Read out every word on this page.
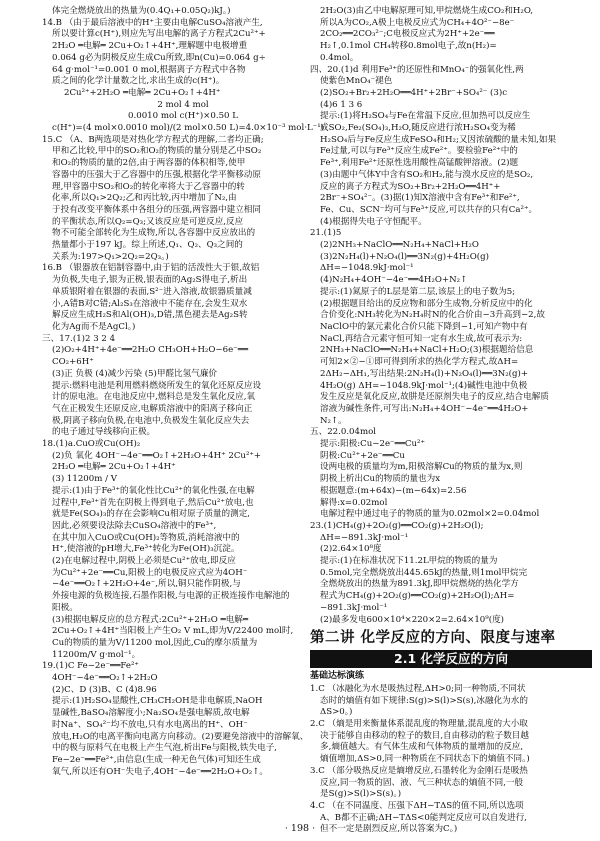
体完全燃烧放出的热量为(0.4Q₁+0.05Q₂)kJ。)

14.B （由于最后溶液中的H⁺主要由电解CuSO₄溶液产生,

所以要计算c(H⁺),则应先写出电解的离子方程式2Cu²⁺+

2H₂O ═电解═ 2Cu+O₂↑+4H⁺,理解题中电极增重

0.064 g必为阴极反应生成Cu所致,即n(Cu)=0.064 g÷

64 g·mol⁻¹=0.001 0 mol,根据离子方程式中各物

质之间的化学计量数之比,求出生成的c(H⁺)。

2Cu²⁺+2H₂O ═电解═ 2Cu+O₂↑+4H⁺

2 mol 4 mol

0.0010 mol c(H⁺)×0.50 L

c(H⁺)=(4 mol×0.0010 mol)/(2 mol×0.50 L)=4.0×10⁻³ mol·L⁻¹)

15.C （A、B两选项是对热化学方程式的理解,二者均正确;

甲和乙比较,甲中的SO₂和O₂的物质的量分别是乙中SO₂

和O₂的物质的量的2倍,由于两容器的体积相等,使甲

容器中的压强大于乙容器中的压强,根据化学平衡移动原

理,甲容器中SO₂和O₂的转化率将大于乙容器中的转

化率,所以Q₁>2Q₂;乙和丙比较,丙中增加了N₂,由

于投有改变平衡体系中各组分的压强,两容器中建立相同

的平衡状态,所以Q₂=Q₃;又该反应是可逆反应,反应

物不可能全部转化为生成物,所以,各容器中反应放出的

热量都小于197 kJ。综上所述,Q₁、Q₂、Q₃之间的

关系为:197>Q₁>2Q₂=2Q₃。)

16.B （银器放在铝制容器中,由于铝的活泼性大于银,故铝

为负极,失电子,银为正极,银表面的Ag₂S得电子,析出

单质银附着在银器的表面,S²⁻进入溶液,故银器质量减

小,A错B对C错;Al₂S₃在溶液中不能存在,会发生双水

解反应生成H₂S和Al(OH)₃,D错,黑色褪去是Ag₂S转

化为Ag而不是AgCl。)

三、17.(1)2 3 2 4

(2)O₂+4H⁺+4e⁻══2H₂O CH₃OH+H₂O−6e⁻══

CO₂+6H⁺

(3)正 负极 (4)减少污染 (5)甲醛比氢气廉价

提示:燃料电池是利用燃料燃烧所发生的氧化还原反应设

计的原电池。在电池反应中,燃料总是发生氧化反应,氧

气在正极发生还原反应,电解质溶液中的阳离子移向正

极,阴离子移向负极,在电池中,负极发生氧化反应失去

的电子通过导线移向正极。

18.(1)a.CuO或Cu(OH)₂

(2)负 氧化 4OH⁻−4e⁻══O₂↑+2H₂O+4H⁺ 2Cu²⁺+

2H₂O ═电解═ 2Cu+O₂↑+4H⁺

(3) 11200m / V

提示:(1)由于Fe³⁺的氧化性比Cu²⁺的氧化性强,在电解

过程中,Fe³⁺首先在阴极上得到电子,然后Cu²⁺放电,也

就是Fe(SO₄)₃的存在会影响Cu相对原子质量的测定,

因此,必须要设法除去CuSO₄溶液中的Fe³⁺,

在其中加入CuO或Cu(OH)₂等物质,消耗溶液中的

H⁺,使溶液的pH增大,Fe³⁺转化为Fe(OH)₃沉淀。

(2)在电解过程中,阴极上必须是Cu²⁺放电,即反应

为Cu²⁺+2e⁻══Cu,阳极上的电极反应式应为4OH⁻

−4e⁻══O₂↑+2H₂O+4e⁻,所以,铜只能作阴极,与

外接电源的负极连接,石墨作阳极,与电源的正极连接作电解池的

阳极。

(3)根据电解反应的总方程式:2Cu²⁺+2H₂O ═电解═

2Cu+O₂↑+4H⁺当阳极上产生O₂ V mL,即为V/22400 mol时,

Cu的物质的量为V/11200 mol,因此,Cu的摩尔质量为

11200m/V g·mol⁻¹。

19.(1)C Fe−2e⁻══Fe²⁺

4OH⁻−4e⁻══O₂↑+2H₂O

(2)C、D (3)B、C (4)8.96

提示:(1)H₂SO₄显酸性,CH₃CH₂OH是非电解质,NaOH

显碱性,BaSO₄溶解度小;Na₂SO₄是强电解质,故电解

时Na⁺、SO₄²⁻均不放电,只有水电离出的H⁺、OH⁻

放电,H₂O的电离平衡向电离方向移动。(2)要避免溶液中的溶解氧、

中的极与原料气在电极上产生气泡,析出Fe与阳极,铁失电子,

Fe−2e⁻══Fe²⁺,由信息(生成一种无色气体)可知还生成

氧气,所以还有OH⁻失电子,4OH⁻−4e⁻══2H₂O+O₂↑。

2H₂O(3)由乙中电解原理可知,甲烷燃烧生成CO₂和H₂O,

所以A为CO₂,A极上电极反应式为CH₄+4O²⁻−8e⁻

2CO₂══2CO₃²⁻;C电极反应式为2H⁺+2e⁻══

H₂↑,0.1mol CH₄转移0.8mol电子,故n(H₂)=

0.4mol。

四、20.(1)d 利用Fe³⁺的还原性和MnO₄⁻的强氧化性,两

使紫色MnO₄⁻褪色

(2)SO₂+Br₂+2H₂O══4H⁺+2Br⁻+SO₄²⁻ (3)c

(4)6 1 3 6

提示:(1)将H₂SO₄与Fe在常温下反应,但加热可以反应生

成SO₂,Fe₂(SO₄)₃,H₂O,随反应进行浓H₂SO₄变为稀

H₂SO₄后与Fe反应生成FeSO₄和H₂;又因浓硫酸的量未知,如果

Fe过量,可以与Fe³⁺反应生成Fe²⁺。要检验Fe²⁺中的

Fe³⁺,利用Fe²⁺还原性选用酸性高锰酸钾溶液。(2)题

(3)由题中气体Y中含有SO₂和H₂,能与溴水反应的是SO₂,

反应的离子方程式为SO₂+Br₂+2H₂O══4H⁺+

2Br⁻+SO₄²⁻。(3)据(1)知X溶液中含有Fe³⁺和Fe²⁺,

Fe、Cu、SCN⁻均可与Fe³⁺反应,可以共存的只有Ca²⁺。

(4)根据得失电子守恒配平。

21.(1)5

(2)2NH₃+NaClO══N₂H₄+NaCl+H₂O

(3)2N₂H₄(l)+N₂O₄(l)══3N₂(g)+4H₂O(g)

ΔH=−1048.9kJ·mol⁻¹

(4)N₂H₄+4OH⁻−4e⁻══4H₂O+N₂↑

提示:(1)氮原子的L层是第二层,该层上的电子数为5;

(2)根据题目给出的反应物和部分生成物,分析反应中的化

合价变化:NH₃转化为N₂H₄时N的化合价由−3升高到−2,故

NaClO中的氯元素化合价只能下降到−1,可知产物中有

NaCl,再结合元素守恒可知一定有水生成,故可表示为:

2NH₃+NaClO══N₂H₄+NaCl+H₂O;(3)根据题给信息

可知2×②−①即可得到所求的热化学方程式,故ΔH=

2ΔH₂−ΔH₁,写出结果:2N₂H₄(l)+N₂O₄(l)══3N₂(g)+

4H₂O(g) ΔH=−1048.9kJ·mol⁻¹;(4)碱性电池中负极

发生反应是氧化反应,故肼是还原剂失电子的反应,结合电解质

溶液为碱性条件,可写出:N₂H₄+4OH⁻−4e⁻══4H₂O+

N₂↑。

五、22.0.04mol

提示:阳极:Cu−2e⁻══Cu²⁺

阴极:Cu²⁺+2e⁻══Cu

设两电极的质量均为m,阳极溶解Cu的物质的量为x,则

阴极上析出Cu的物质的量也为x

根据题意:(m+64x)−(m−64x)=2.56

解得:x=0.02mol

电解过程中通过电子的物质的量为0.02mol×2=0.04mol

23.(1)CH₄(g)+2O₂(g)══CO₂(g)+2H₂O(l);

ΔH=−891.3kJ·mol⁻¹

(2)2.64×10⁸度

提示:(1)在标准状况下11.2L甲烷的物质的量为

0.5mol,完全燃烧放出445.65kJ的热量,则1mol甲烷完

全燃烧放出的热量为891.3kJ,即甲烷燃烧的热化学方

程式为CH₄(g)+2O₂(g)══CO₂(g)+2H₂O(l);ΔH=

−891.3kJ·mol⁻¹

(2)最多发电600×10⁴×220×2=2.64×10⁹(度)

第二讲 化学反应的方向、限度与速率
2.1 化学反应的方向
基础达标演练

1.C （冰融化为水是吸热过程,ΔH>0;同一种物质,不同状

态时的熵值有如下规律:S(g)>S(l)>S(s),冰融化为水的

ΔS>0。)

2.C （熵是用来衡量体系混乱度的物理量,混乱度的大小取

决于能够自由移动的粒子的数目,自由移动的粒子数目越

多,熵值越大。有气体生成和气体物质的量增加的反应,

熵值增加,ΔS>0,同一种物质在不同状态下的熵值不同。)

3.C （部分吸热反应是熵增反应,石墨转化为金刚石是吸热

反应,同一物质的固、液、气三种状态的熵值不同,一般

是S(g)>S(l)>S(s)。)

4.C （在不同温度、压强下ΔH−TΔS的值不同,所以选项

A、B都不正确;ΔH−TΔS<0能判定反应可以自发进行,

但不一定是剧烈反应,所以答案为C。)

· 198 ·
